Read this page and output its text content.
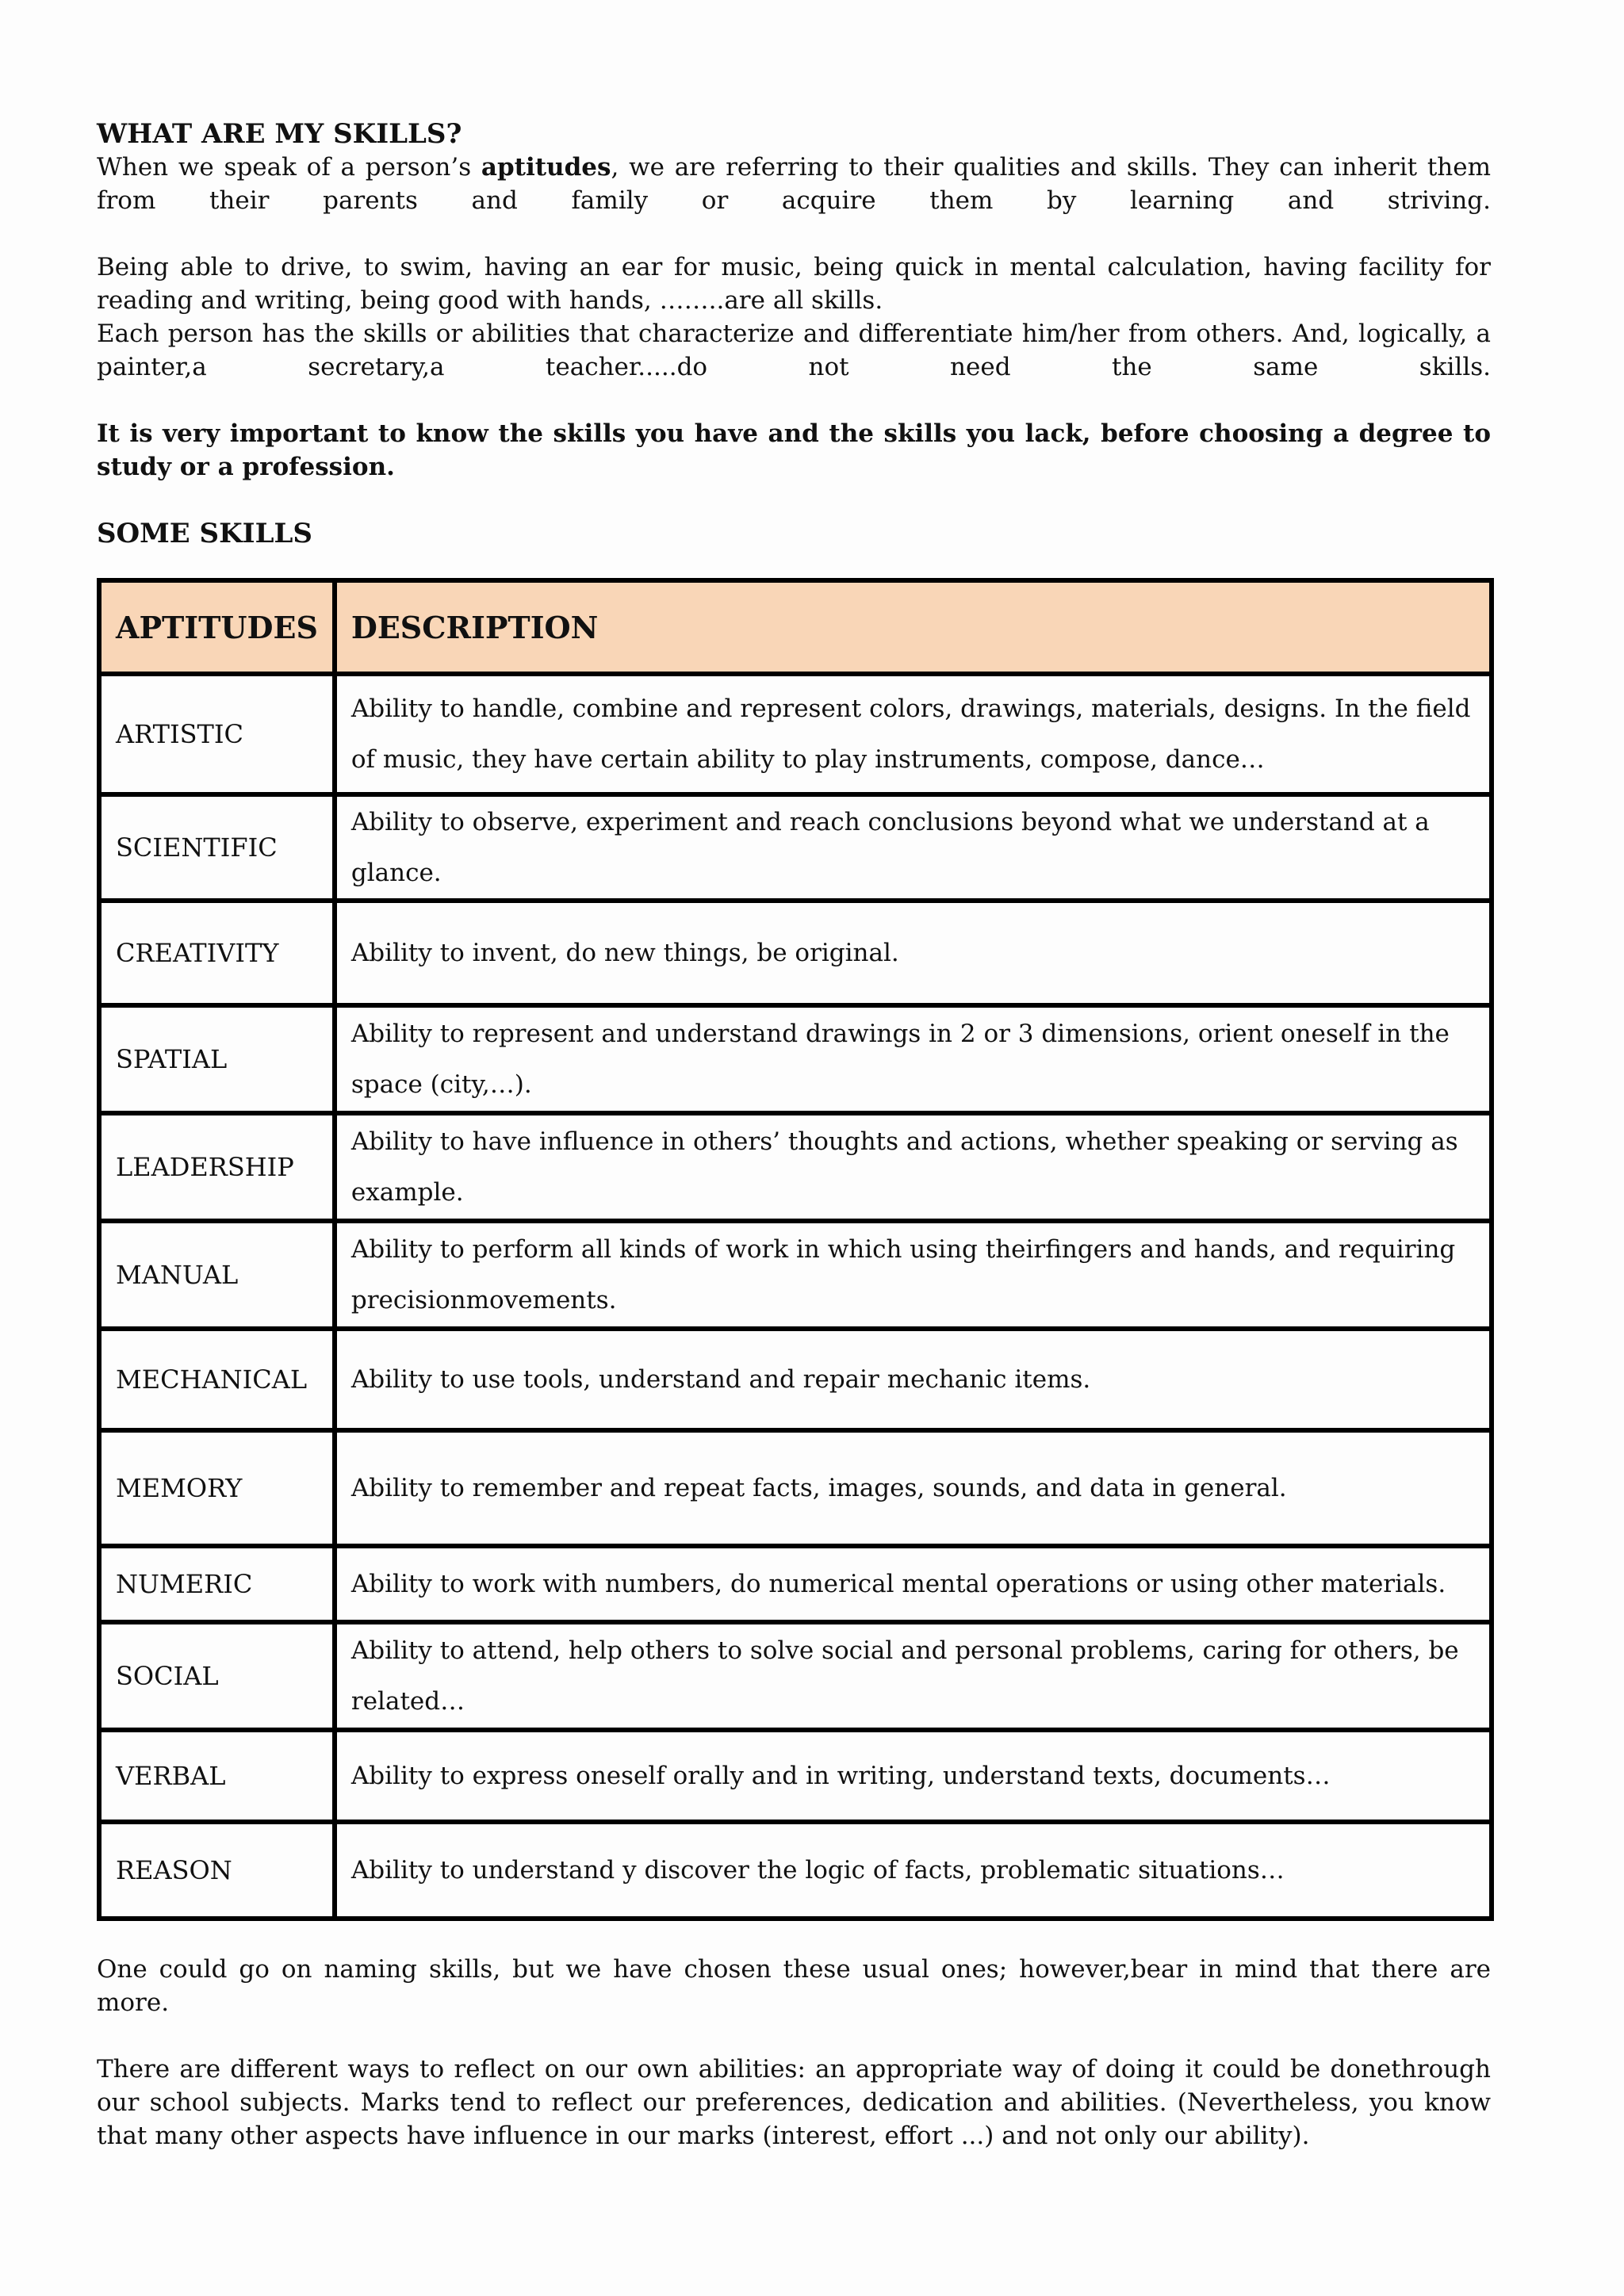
WHAT ARE MY SKILLS?

When we speak of a person’s aptitudes, we are referring to their qualities and skills. They can inherit them from their parents and family or acquire them by learning and striving.

Being able to drive, to swim, having an ear for music, being quick in mental calculation, having facility for reading and writing, being good with hands, ……..are all skills.

Each person has the skills or abilities that characterize and differentiate him/her from others. And, logically, a painter,a secretary,a teacher.....do not need the same skills.

It is very important to know the skills you have and the skills you lack, before choosing a degree to study or a profession.

SOME SKILLS
APTITUDES	DESCRIPTION
ARTISTIC	Ability to handle, combine and represent colors, drawings, materials, designs. In the field of music, they have certain ability to play instruments, compose, dance…
SCIENTIFIC	Ability to observe, experiment and reach conclusions beyond what we understand at a glance.
CREATIVITY	Ability to invent, do new things, be original.
SPATIAL	Ability to represent and understand drawings in 2 or 3 dimensions, orient oneself in the space (city,…).
LEADERSHIP	Ability to have influence in others’ thoughts and actions, whether speaking or serving as example.
MANUAL	Ability to perform all kinds of work in which using theirfingers and hands, and requiring precisionmovements.
MECHANICAL	Ability to use tools, understand and repair mechanic items.
MEMORY	Ability to remember and repeat facts, images, sounds, and data in general.
NUMERIC	Ability to work with numbers, do numerical mental operations or using other materials.
SOCIAL	Ability to attend, help others to solve social and personal problems, caring for others, be related…
VERBAL	Ability to express oneself orally and in writing, understand texts, documents…
REASON	Ability to understand y discover the logic of facts, problematic situations…

One could go on naming skills, but we have chosen these usual ones; however,bear in mind that there are more.

There are different ways to reflect on our own abilities: an appropriate way of doing it could be donethrough our school subjects. Marks tend to reflect our preferences, dedication and abilities. (Nevertheless, you know that many other aspects have influence in our marks (interest, effort ...) and not only our ability).
